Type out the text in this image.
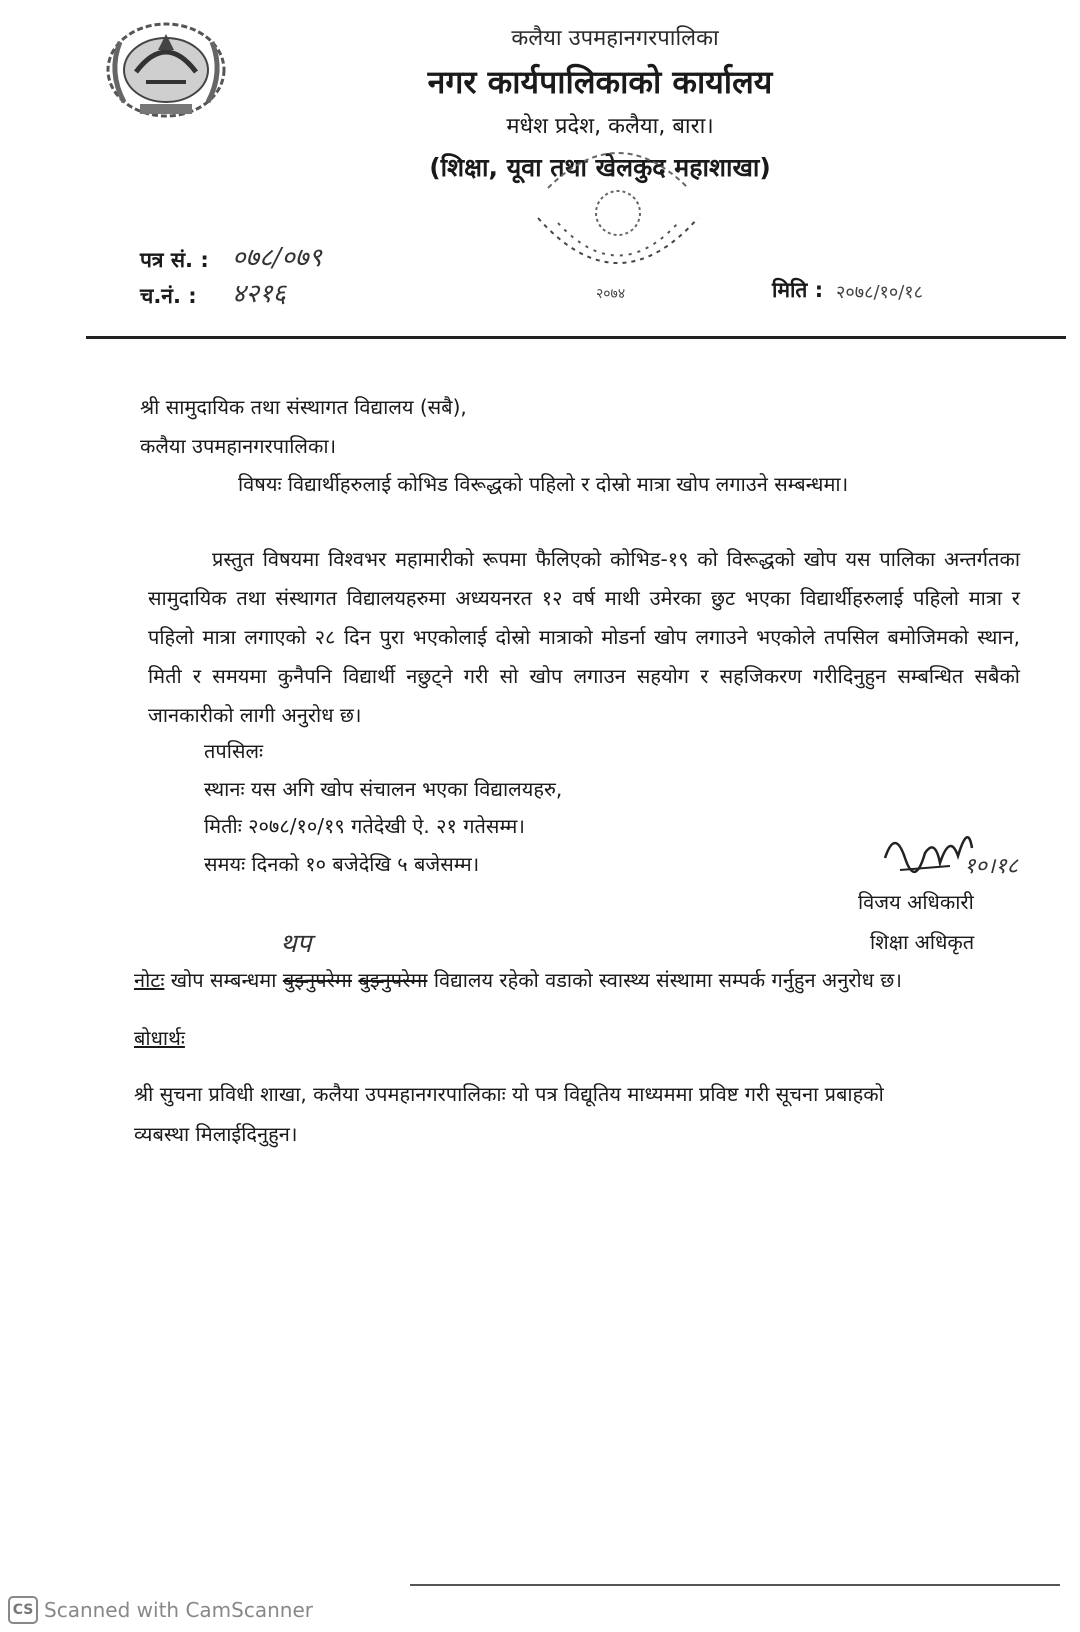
कलैया उपमहानगरपालिका
नगर कार्यपालिकाको कार्यालय
मधेश प्रदेश, कलैया, बारा।
(शिक्षा, यूवा तथा खेलकुद महाशाखा)
२०७४
पत्र सं. : ०७८/०७९
च.नं. : ४२१६	मिति : २०७८/१०/१८
श्री सामुदायिक तथा संस्थागत विद्यालय (सबै),
कलैया उपमहानगरपालिका।
विषयः विद्यार्थीहरुलाई कोभिड विरूद्धको पहिलो र दोस्रो मात्रा खोप लगाउने सम्बन्धमा।
प्रस्तुत विषयमा विश्वभर महामारीको रूपमा फैलिएको कोभिड-१९ को विरूद्धको खोप यस पालिका अन्तर्गतका सामुदायिक तथा संस्थागत विद्यालयहरुमा अध्ययनरत १२ वर्ष माथी उमेरका छुट भएका विद्यार्थीहरुलाई पहिलो मात्रा र पहिलो मात्रा लगाएको २८ दिन पुरा भएकोलाई दोस्रो मात्राको मोडर्ना खोप लगाउने भएकोले तपसिल बमोजिमको स्थान, मिती र समयमा कुनैपनि विद्यार्थी नछुट्ने गरी सो खोप लगाउन सहयोग र सहजिकरण गरीदिनुहुन सम्बन्धित सबैको जानकारीको लागी अनुरोध छ।
तपसिलः
स्थानः यस अगि खोप संचालन भएका विद्यालयहरु,
मितीः २०७८/१०/१९ गतेदेखी ऐ. २१ गतेसम्म।
समयः दिनको १० बजेदेखि ५ बजेसम्म।	१०।१८
विजय अधिकारी
शिक्षा अधिकृत
थप
नोटः खोप सम्बन्धमा बुझ्नुपरेमा बुझ्नुपरेमा विद्यालय रहेको वडाको स्वास्थ्य संस्थामा सम्पर्क गर्नुहुन अनुरोध छ।
बोधार्थः
श्री सुचना प्रविधी शाखा, कलैया उपमहानगरपालिकाः यो पत्र विद्यूतिय माध्यममा प्रविष्ट गरी सूचना प्रबाहको
व्यबस्था मिलाईदिनुहुन।
CS Scanned with CamScanner
